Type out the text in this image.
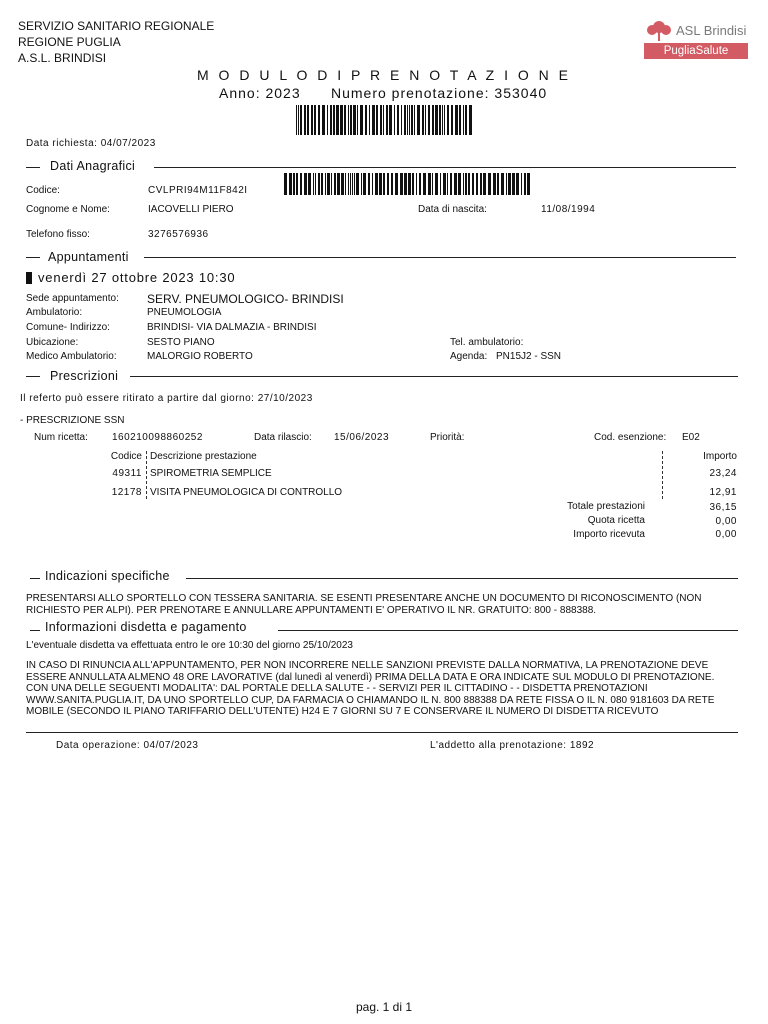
SERVIZIO SANITARIO REGIONALE
REGIONE PUGLIA
A.S.L. BRINDISI
ASL Brindisi
PugliaSalute
M O D U L O D I P R E N O T A Z I O N E
Anno: 2023 Numero prenotazione: 353040
Data richiesta: 04/07/2023
Dati Anagrafici
Codice:	CVLPRI94M11F842I
Cognome e Nome:	IACOVELLI PIERO	Data di nascita:	11/08/1994
Telefono fisso:	3276576936
Appuntamenti
venerdì 27 ottobre 2023 10:30
Sede appuntamento: SERV. PNEUMOLOGICO- BRINDISI
Ambulatorio:	PNEUMOLOGIA
Comune- Indirizzo:	BRINDISI- VIA DALMAZIA - BRINDISI
Ubicazione:	SESTO PIANO	Tel. ambulatorio:
Medico Ambulatorio:	MALORGIO ROBERTO	Agenda: PN15J2 - SSN
Prescrizioni
Il referto può essere ritirato a partire dal giorno: 27/10/2023
- PRESCRIZIONE SSN
Num ricetta: 160210098860252	Data rilascio: 15/06/2023	Priorità:	Cod. esenzione: E02
Codice Descrizione prestazione	Importo
49311 SPIROMETRIA SEMPLICE	23,24
12178 VISITA PNEUMOLOGICA DI CONTROLLO	12,91
Totale prestazioni	36,15
Quota ricetta	0,00
Importo ricevuta	0,00
Indicazioni specifiche
PRESENTARSI ALLO SPORTELLO CON TESSERA SANITARIA. SE ESENTI PRESENTARE ANCHE UN DOCUMENTO DI RICONOSCIMENTO (NON RICHIESTO PER ALPI). PER PRENOTARE E ANNULLARE APPUNTAMENTI E' OPERATIVO IL NR. GRATUITO: 800 - 888388.
Informazioni disdetta e pagamento
L'eventuale disdetta va effettuata entro le ore 10:30 del giorno 25/10/2023
IN CASO DI RINUNCIA ALL'APPUNTAMENTO, PER NON INCORRERE NELLE SANZIONI PREVISTE DALLA NORMATIVA, LA PRENOTAZIONE DEVE ESSERE ANNULLATA ALMENO 48 ORE LAVORATIVE (dal lunedì al venerdì) PRIMA DELLA DATA E ORA INDICATE SUL MODULO DI PRENOTAZIONE. CON UNA DELLE SEGUENTI MODALITA': DAL PORTALE DELLA SALUTE - - SERVIZI PER IL CITTADINO - - DISDETTA PRENOTAZIONI WWW.SANITA.PUGLIA.IT, DA UNO SPORTELLO CUP, DA FARMACIA O CHIAMANDO IL N. 800 888388 DA RETE FISSA O IL N. 080 9181603 DA RETE MOBILE (SECONDO IL PIANO TARIFFARIO DELL'UTENTE) H24 E 7 GIORNI SU 7 E CONSERVARE IL NUMERO DI DISDETTA RICEVUTO
Data operazione: 04/07/2023	L'addetto alla prenotazione: 1892
pag. 1 di 1
